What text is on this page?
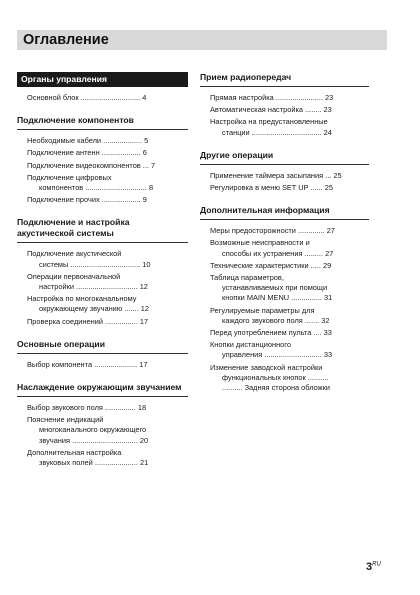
Оглавление
Органы управления
Основной блок ............................. 4
Подключение компонентов
Необходимые кабели ................... 5
Подключение антенн ................... 6
Подключение видеокомпонентов ... 7
Подключение цифровых
компонентов .............................. 8
Подключение прочих ................... 9
Подключение и настройка акустической системы
Подключение акустической
системы .................................. 10
Операции первоначальной
настройки .............................. 12
Настройка по многоканальному
окружающему звучанию ....... 12
Проверка соединений ................ 17
Основные операции
Выбор компонента ..................... 17
Наслаждение окружающим звучанием
Выбор звукового поля ............... 18
Пояснение индикаций
многоканального окружающего
звучания ................................ 20
Дополнительная настройка
звуковых полей ..................... 21
Прием радиопередач
Прямая настройка ....................... 23
Автоматическая настройка ........ 23
Настройка на предустановленные
станции .................................. 24
Другие операции
Применение таймера засыпания ... 25
Регулировка в меню SET UP ...... 25
Дополнительная информация
Меры предосторожности ............. 27
Возможные неисправности и
способы их устранения ......... 27
Технические характеристики ..... 29
Таблица параметров,
устанавливаемых при помощи
кнопки MAIN MENU ............... 31
Регулируемые параметры для
каждого звукового поля ....... 32
Перед употреблением пульта .... 33
Кнопки дистанционного
управления ............................ 33
Изменение заводской настройки
функциональных кнопок ..........
.......... Задняя сторона обложки
$3^{RU}$
